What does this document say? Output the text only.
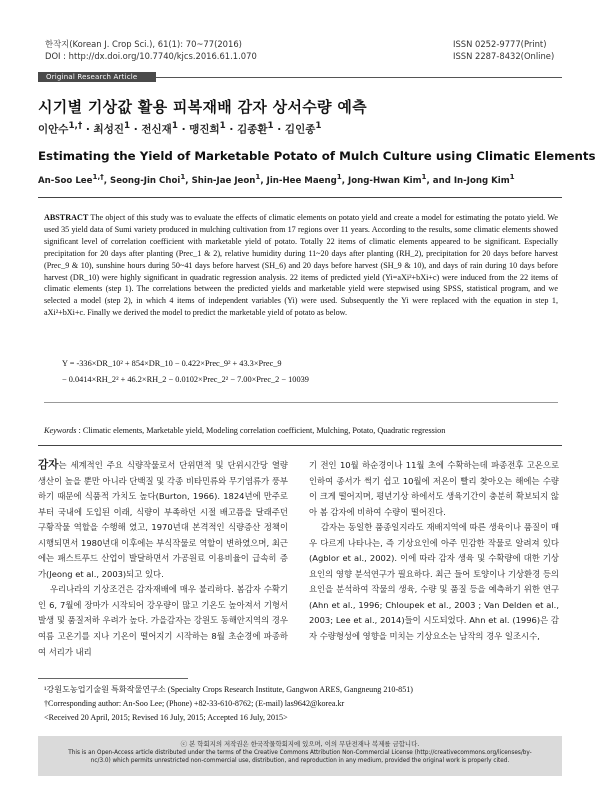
한작지(Korean J. Crop Sci.), 61(1): 70~77(2016)
DOI : http://dx.doi.org/10.7740/kjcs.2016.61.1.070
ISSN 0252-9777(Print)
ISSN 2287-8432(Online)
Original Research Article
시기별 기상값 활용 피복재배 감자 상서수량 예측
이안수$^{1,\dagger}$ · 최성진$^1$ · 전신재$^1$ · 맹진희$^1$ · 김종환$^1$ · 김인종$^1$
Estimating the Yield of Marketable Potato of Mulch Culture using Climatic Elements
An-Soo Lee$^{1,\dagger}$, Seong-Jin Choi$^1$, Shin-Jae Jeon$^1$, Jin-Hee Maeng$^1$, Jong-Hwan Kim$^1$, and In-Jong Kim$^1$
ABSTRACT The object of this study was to evaluate the effects of climatic elements on potato yield and create a model for estimating the potato yield. We used 35 yield data of Sumi variety produced in mulching cultivation from 17 regions over 11 years. According to the results, some climatic elements showed significant level of correlation coefficient with marketable yield of potato. Totally 22 items of climatic elements appeared to be significant. Especially precipitation for 20 days after planting (Prec_1 & 2), relative humidity during 11~20 days after planting (RH_2), precipitation for 20 days before harvest (Prec_9 & 10), sunshine hours during 50~41 days before harvest (SH_6) and 20 days before harvest (SH_9 & 10), and days of rain during 10 days before harvest (DR_10) were highly significant in quadratic regression analysis. 22 items of predicted yield (Yi=aXi²+bXi+c) were induced from the 22 items of climatic elements (step 1). The correlations between the predicted yields and marketable yield were stepwised using SPSS, statistical program, and we selected a model (step 2), in which 4 items of independent variables (Yi) were used. Subsequently the Yi were replaced with the equation in step 1, aXi²+bXi+c. Finally we derived the model to predict the marketable yield of potato as below.
Y = -336×DR_10² + 854×DR_10 − 0.422×Prec_9² + 43.3×Prec_9
− 0.0414×RH_2² + 46.2×RH_2 − 0.0102×Prec_2² − 7.00×Prec_2 − 10039
Keywords : Climatic elements, Marketable yield, Modeling correlation coefficient, Mulching, Potato, Quadratic regression

감자는 세계적인 주요 식량작물로서 단위면적 및 단위시간당 열량 생산이 높을 뿐만 아니라 단백질 및 각종 비타민류와 무기염류가 풍부하기 때문에 식품적 가치도 높다(Burton, 1966). 1824년에 만주로부터 국내에 도입된 이래, 식량이 부족하던 시절 배고픔을 달래주던 구황작물 역할을 수행해 였고, 1970년대 본격적인 식량증산 정책이 시행되면서 1980년대 이후에는 부식작물로 역할이 변하였으며, 최근에는 패스트푸드 산업이 발달하면서 가공원료 이용비율이 급속히 증가(Jeong et al., 2003)되고 있다.

우리나라의 기상조건은 감자재배에 매우 불리하다. 봄감자 수확기인 6, 7월에 장마가 시작되어 강우량이 많고 기온도 높아져서 기형서 발생 및 품질저하 우려가 높다. 가을감자는 강원도 동해안지역의 경우 여름 고온기를 지나 기온이 떨어지기 시작하는 8월 초순경에 파종하여 서리가 내리

기 전인 10월 하순경이나 11월 초에 수확하는데 파종전후 고온으로 인하여 종서가 썩기 쉽고 10월에 저온이 빨리 찾아오는 해에는 수량이 크게 떨어지며, 평년기상 하에서도 생육기간이 충분히 확보되지 않아 봄 감자에 비하여 수량이 떨어진다.

감자는 동일한 품종일지라도 재배지역에 따른 생육이나 품질이 매우 다르게 나타나는, 즉 기상요인에 아주 민감한 작물로 알려져 있다(Agblor et al., 2002). 이에 따라 감자 생육 및 수확량에 대한 기상요인의 영향 분석연구가 필요하다. 최근 들어 토양이나 기상환경 등의 요인을 분석하여 작물의 생육, 수량 및 품질 등을 예측하기 위한 연구(Ahn et al., 1996; Chloupek et al., 2003 ; Van Delden et al., 2003; Lee et al., 2014)들이 시도되었다. Ahn et al. (1996)은 감자 수량형성에 영향을 미치는 기상요소는 남작의 경우 일조시수,

¹강원도농업기술원 특화작물연구소 (Specialty Crops Research Institute, Gangwon ARES, Gangneung 210-851)
†Corresponding author: An-Soo Lee; (Phone) +82-33-610-8762; (E-mail) las9642@korea.kr
<Received 20 April, 2015; Revised 16 July, 2015; Accepted 16 July, 2015>
ⓒ 본 학회지의 저작권은 한국작물학회지에 있으며, 이의 무단전재나 복제를 금합니다.
This is an Open-Access article distributed under the terms of the Creative Commons Attribution Non-Commercial License (http://creativecommons.org/licenses/by-nc/3.0) which permits unrestricted non-commercial use, distribution, and reproduction in any medium, provided the original work is properly cited.
